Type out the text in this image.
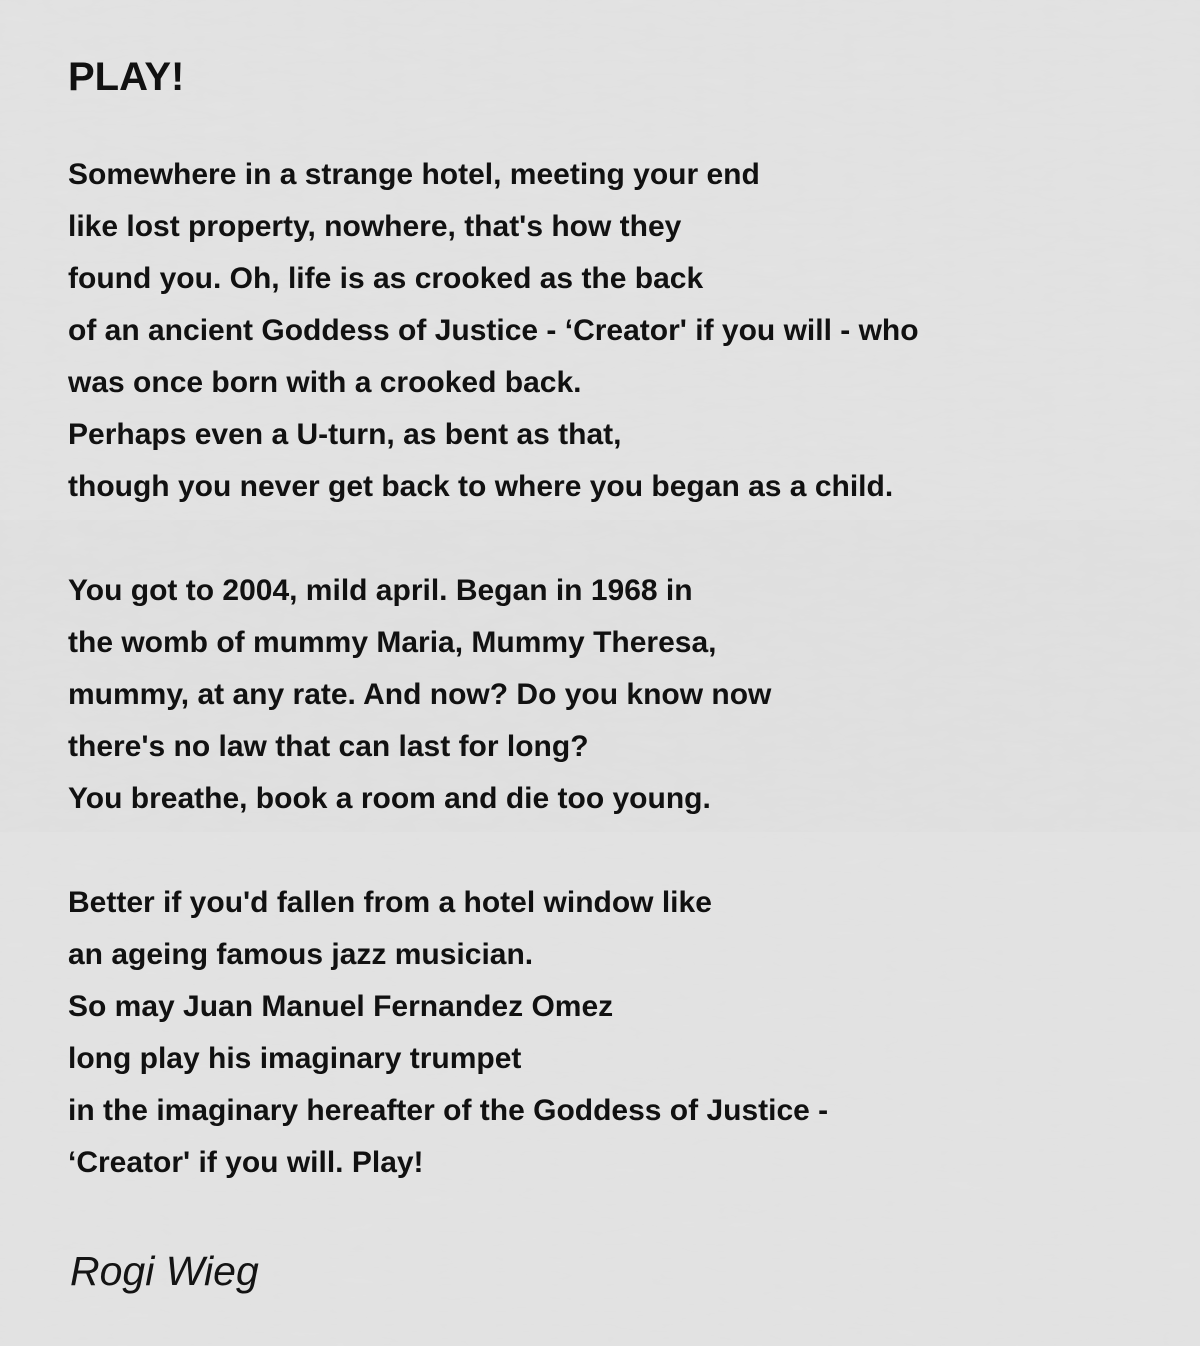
PLAY!
Somewhere in a strange hotel, meeting your end
like lost property, nowhere, that's how they
found you. Oh, life is as crooked as the back
of an ancient Goddess of Justice - ‘Creator' if you will - who
was once born with a crooked back.
Perhaps even a U-turn, as bent as that,
though you never get back to where you began as a child.
You got to 2004, mild april. Began in 1968 in
the womb of mummy Maria, Mummy Theresa,
mummy, at any rate. And now? Do you know now
there's no law that can last for long?
You breathe, book a room and die too young.
Better if you'd fallen from a hotel window like
an ageing famous jazz musician.
So may Juan Manuel Fernandez Omez
long play his imaginary trumpet
in the imaginary hereafter of the Goddess of Justice -
‘Creator' if you will. Play!
Rogi Wieg
